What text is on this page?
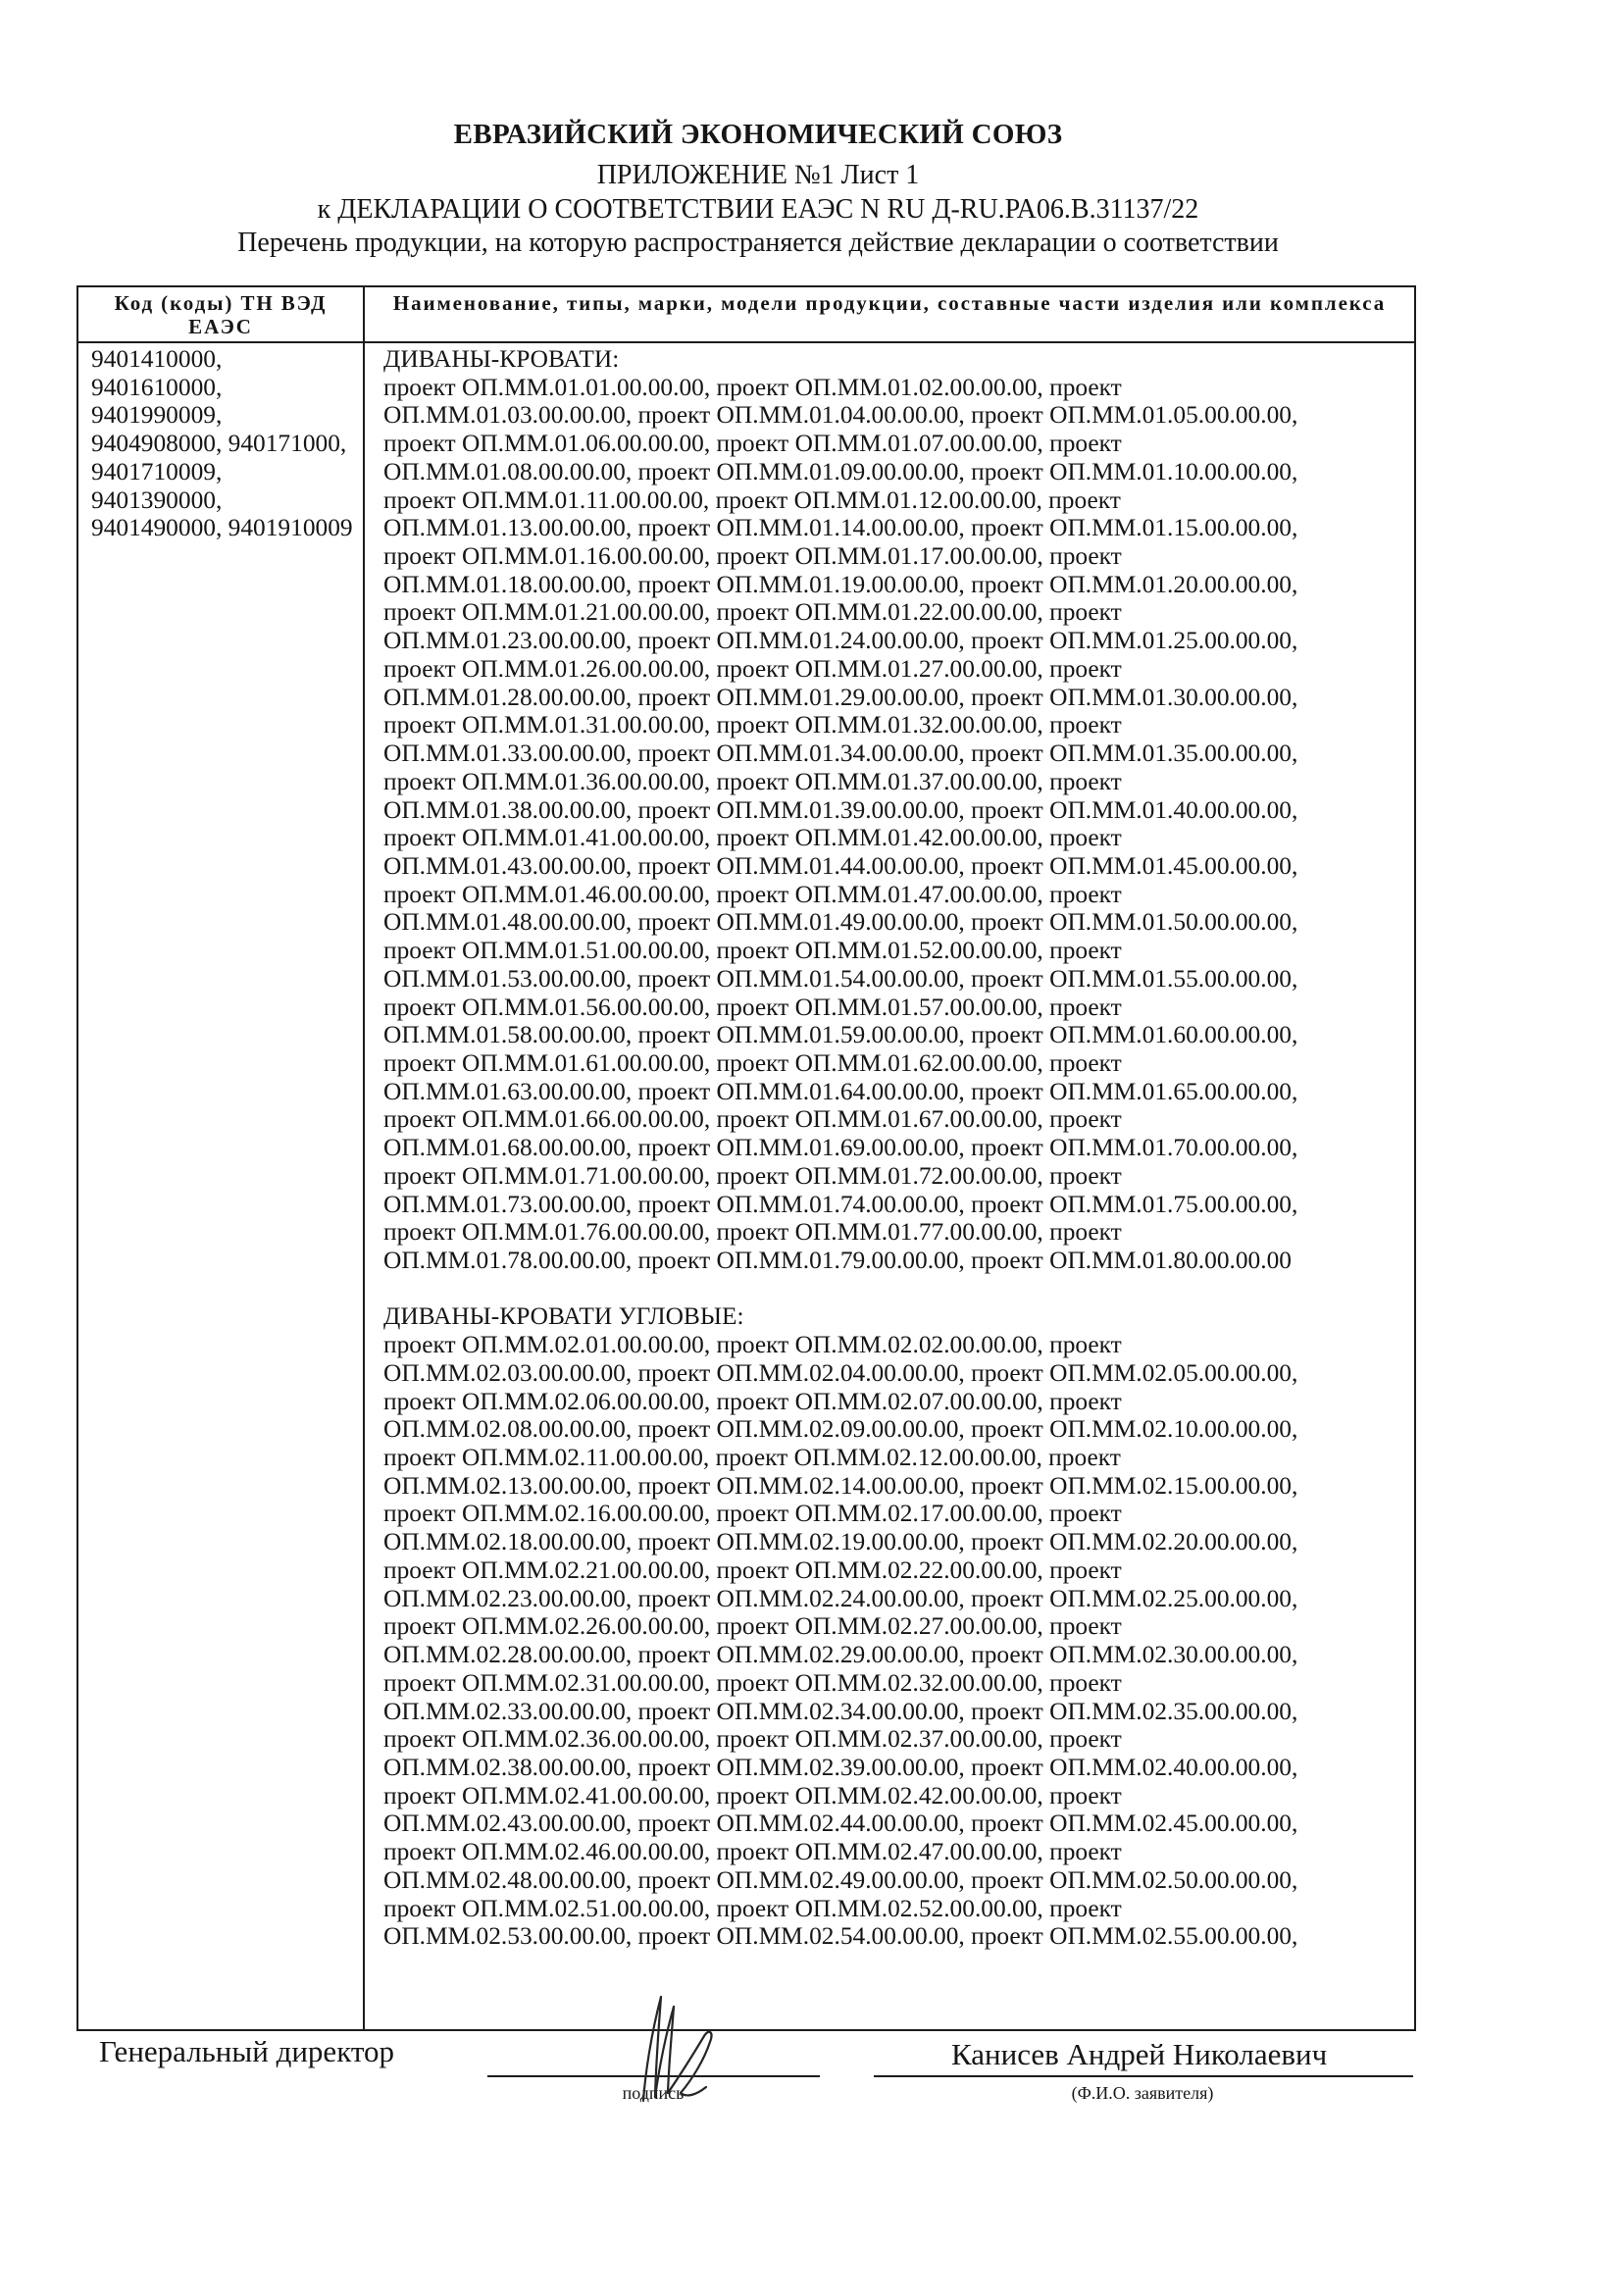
ЕВРАЗИЙСКИЙ ЭКОНОМИЧЕСКИЙ СОЮЗ
ПРИЛОЖЕНИЕ №1 Лист 1
к ДЕКЛАРАЦИИ О СООТВЕТСТВИИ ЕАЭС N RU Д-RU.РА06.В.31137/22
Перечень продукции, на которую распространяется действие декларации о соответствии
Код (коды) ТН ВЭД
ЕАЭС
Наименование, типы, марки, модели продукции, составные части изделия или комплекса
9401410000,
9401610000,
9401990009,
9404908000, 940171000,
9401710009,
9401390000,
9401490000, 9401910009
ДИВАНЫ-КРОВАТИ:
проект ОП.ММ.01.01.00.00.00, проект ОП.ММ.01.02.00.00.00, проект
ОП.ММ.01.03.00.00.00, проект ОП.ММ.01.04.00.00.00, проект ОП.ММ.01.05.00.00.00,
проект ОП.ММ.01.06.00.00.00, проект ОП.ММ.01.07.00.00.00, проект
ОП.ММ.01.08.00.00.00, проект ОП.ММ.01.09.00.00.00, проект ОП.ММ.01.10.00.00.00,
проект ОП.ММ.01.11.00.00.00, проект ОП.ММ.01.12.00.00.00, проект
ОП.ММ.01.13.00.00.00, проект ОП.ММ.01.14.00.00.00, проект ОП.ММ.01.15.00.00.00,
проект ОП.ММ.01.16.00.00.00, проект ОП.ММ.01.17.00.00.00, проект
ОП.ММ.01.18.00.00.00, проект ОП.ММ.01.19.00.00.00, проект ОП.ММ.01.20.00.00.00,
проект ОП.ММ.01.21.00.00.00, проект ОП.ММ.01.22.00.00.00, проект
ОП.ММ.01.23.00.00.00, проект ОП.ММ.01.24.00.00.00, проект ОП.ММ.01.25.00.00.00,
проект ОП.ММ.01.26.00.00.00, проект ОП.ММ.01.27.00.00.00, проект
ОП.ММ.01.28.00.00.00, проект ОП.ММ.01.29.00.00.00, проект ОП.ММ.01.30.00.00.00,
проект ОП.ММ.01.31.00.00.00, проект ОП.ММ.01.32.00.00.00, проект
ОП.ММ.01.33.00.00.00, проект ОП.ММ.01.34.00.00.00, проект ОП.ММ.01.35.00.00.00,
проект ОП.ММ.01.36.00.00.00, проект ОП.ММ.01.37.00.00.00, проект
ОП.ММ.01.38.00.00.00, проект ОП.ММ.01.39.00.00.00, проект ОП.ММ.01.40.00.00.00,
проект ОП.ММ.01.41.00.00.00, проект ОП.ММ.01.42.00.00.00, проект
ОП.ММ.01.43.00.00.00, проект ОП.ММ.01.44.00.00.00, проект ОП.ММ.01.45.00.00.00,
проект ОП.ММ.01.46.00.00.00, проект ОП.ММ.01.47.00.00.00, проект
ОП.ММ.01.48.00.00.00, проект ОП.ММ.01.49.00.00.00, проект ОП.ММ.01.50.00.00.00,
проект ОП.ММ.01.51.00.00.00, проект ОП.ММ.01.52.00.00.00, проект
ОП.ММ.01.53.00.00.00, проект ОП.ММ.01.54.00.00.00, проект ОП.ММ.01.55.00.00.00,
проект ОП.ММ.01.56.00.00.00, проект ОП.ММ.01.57.00.00.00, проект
ОП.ММ.01.58.00.00.00, проект ОП.ММ.01.59.00.00.00, проект ОП.ММ.01.60.00.00.00,
проект ОП.ММ.01.61.00.00.00, проект ОП.ММ.01.62.00.00.00, проект
ОП.ММ.01.63.00.00.00, проект ОП.ММ.01.64.00.00.00, проект ОП.ММ.01.65.00.00.00,
проект ОП.ММ.01.66.00.00.00, проект ОП.ММ.01.67.00.00.00, проект
ОП.ММ.01.68.00.00.00, проект ОП.ММ.01.69.00.00.00, проект ОП.ММ.01.70.00.00.00,
проект ОП.ММ.01.71.00.00.00, проект ОП.ММ.01.72.00.00.00, проект
ОП.ММ.01.73.00.00.00, проект ОП.ММ.01.74.00.00.00, проект ОП.ММ.01.75.00.00.00,
проект ОП.ММ.01.76.00.00.00, проект ОП.ММ.01.77.00.00.00, проект
ОП.ММ.01.78.00.00.00, проект ОП.ММ.01.79.00.00.00, проект ОП.ММ.01.80.00.00.00
ДИВАНЫ-КРОВАТИ УГЛОВЫЕ:
проект ОП.ММ.02.01.00.00.00, проект ОП.ММ.02.02.00.00.00, проект
ОП.ММ.02.03.00.00.00, проект ОП.ММ.02.04.00.00.00, проект ОП.ММ.02.05.00.00.00,
проект ОП.ММ.02.06.00.00.00, проект ОП.ММ.02.07.00.00.00, проект
ОП.ММ.02.08.00.00.00, проект ОП.ММ.02.09.00.00.00, проект ОП.ММ.02.10.00.00.00,
проект ОП.ММ.02.11.00.00.00, проект ОП.ММ.02.12.00.00.00, проект
ОП.ММ.02.13.00.00.00, проект ОП.ММ.02.14.00.00.00, проект ОП.ММ.02.15.00.00.00,
проект ОП.ММ.02.16.00.00.00, проект ОП.ММ.02.17.00.00.00, проект
ОП.ММ.02.18.00.00.00, проект ОП.ММ.02.19.00.00.00, проект ОП.ММ.02.20.00.00.00,
проект ОП.ММ.02.21.00.00.00, проект ОП.ММ.02.22.00.00.00, проект
ОП.ММ.02.23.00.00.00, проект ОП.ММ.02.24.00.00.00, проект ОП.ММ.02.25.00.00.00,
проект ОП.ММ.02.26.00.00.00, проект ОП.ММ.02.27.00.00.00, проект
ОП.ММ.02.28.00.00.00, проект ОП.ММ.02.29.00.00.00, проект ОП.ММ.02.30.00.00.00,
проект ОП.ММ.02.31.00.00.00, проект ОП.ММ.02.32.00.00.00, проект
ОП.ММ.02.33.00.00.00, проект ОП.ММ.02.34.00.00.00, проект ОП.ММ.02.35.00.00.00,
проект ОП.ММ.02.36.00.00.00, проект ОП.ММ.02.37.00.00.00, проект
ОП.ММ.02.38.00.00.00, проект ОП.ММ.02.39.00.00.00, проект ОП.ММ.02.40.00.00.00,
проект ОП.ММ.02.41.00.00.00, проект ОП.ММ.02.42.00.00.00, проект
ОП.ММ.02.43.00.00.00, проект ОП.ММ.02.44.00.00.00, проект ОП.ММ.02.45.00.00.00,
проект ОП.ММ.02.46.00.00.00, проект ОП.ММ.02.47.00.00.00, проект
ОП.ММ.02.48.00.00.00, проект ОП.ММ.02.49.00.00.00, проект ОП.ММ.02.50.00.00.00,
проект ОП.ММ.02.51.00.00.00, проект ОП.ММ.02.52.00.00.00, проект
ОП.ММ.02.53.00.00.00, проект ОП.ММ.02.54.00.00.00, проект ОП.ММ.02.55.00.00.00,
Генеральный директор	Канисев Андрей Николаевич
подпись	(Ф.И.О. заявителя)
